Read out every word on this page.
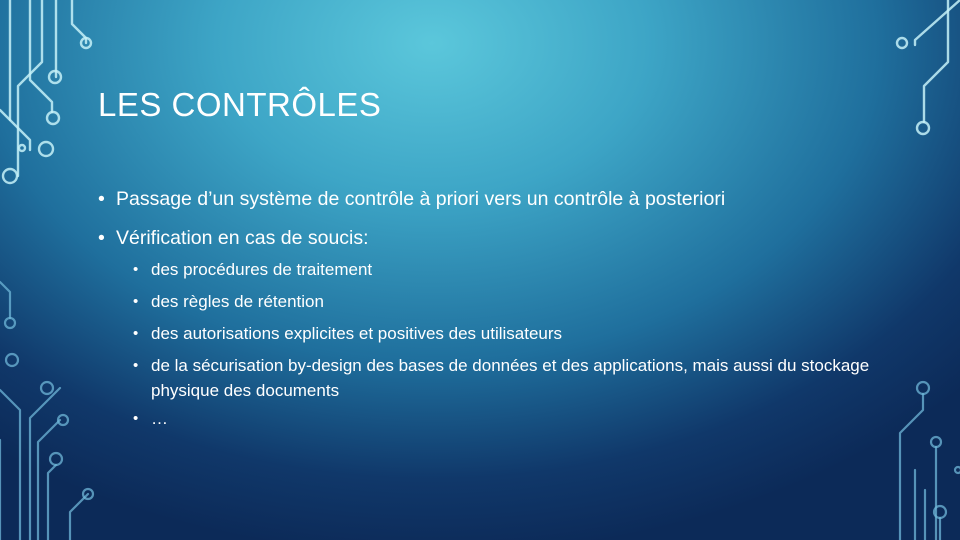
LES CONTRÔLES
• Passage d’un système de contrôle à priori vers un contrôle à posteriori
• Vérification en cas de soucis:
• des procédures de traitement
• des règles de rétention
• des autorisations explicites et positives des utilisateurs
• de la sécurisation by-design des bases de données et des applications, mais aussi du stockage physique des documents
• …
